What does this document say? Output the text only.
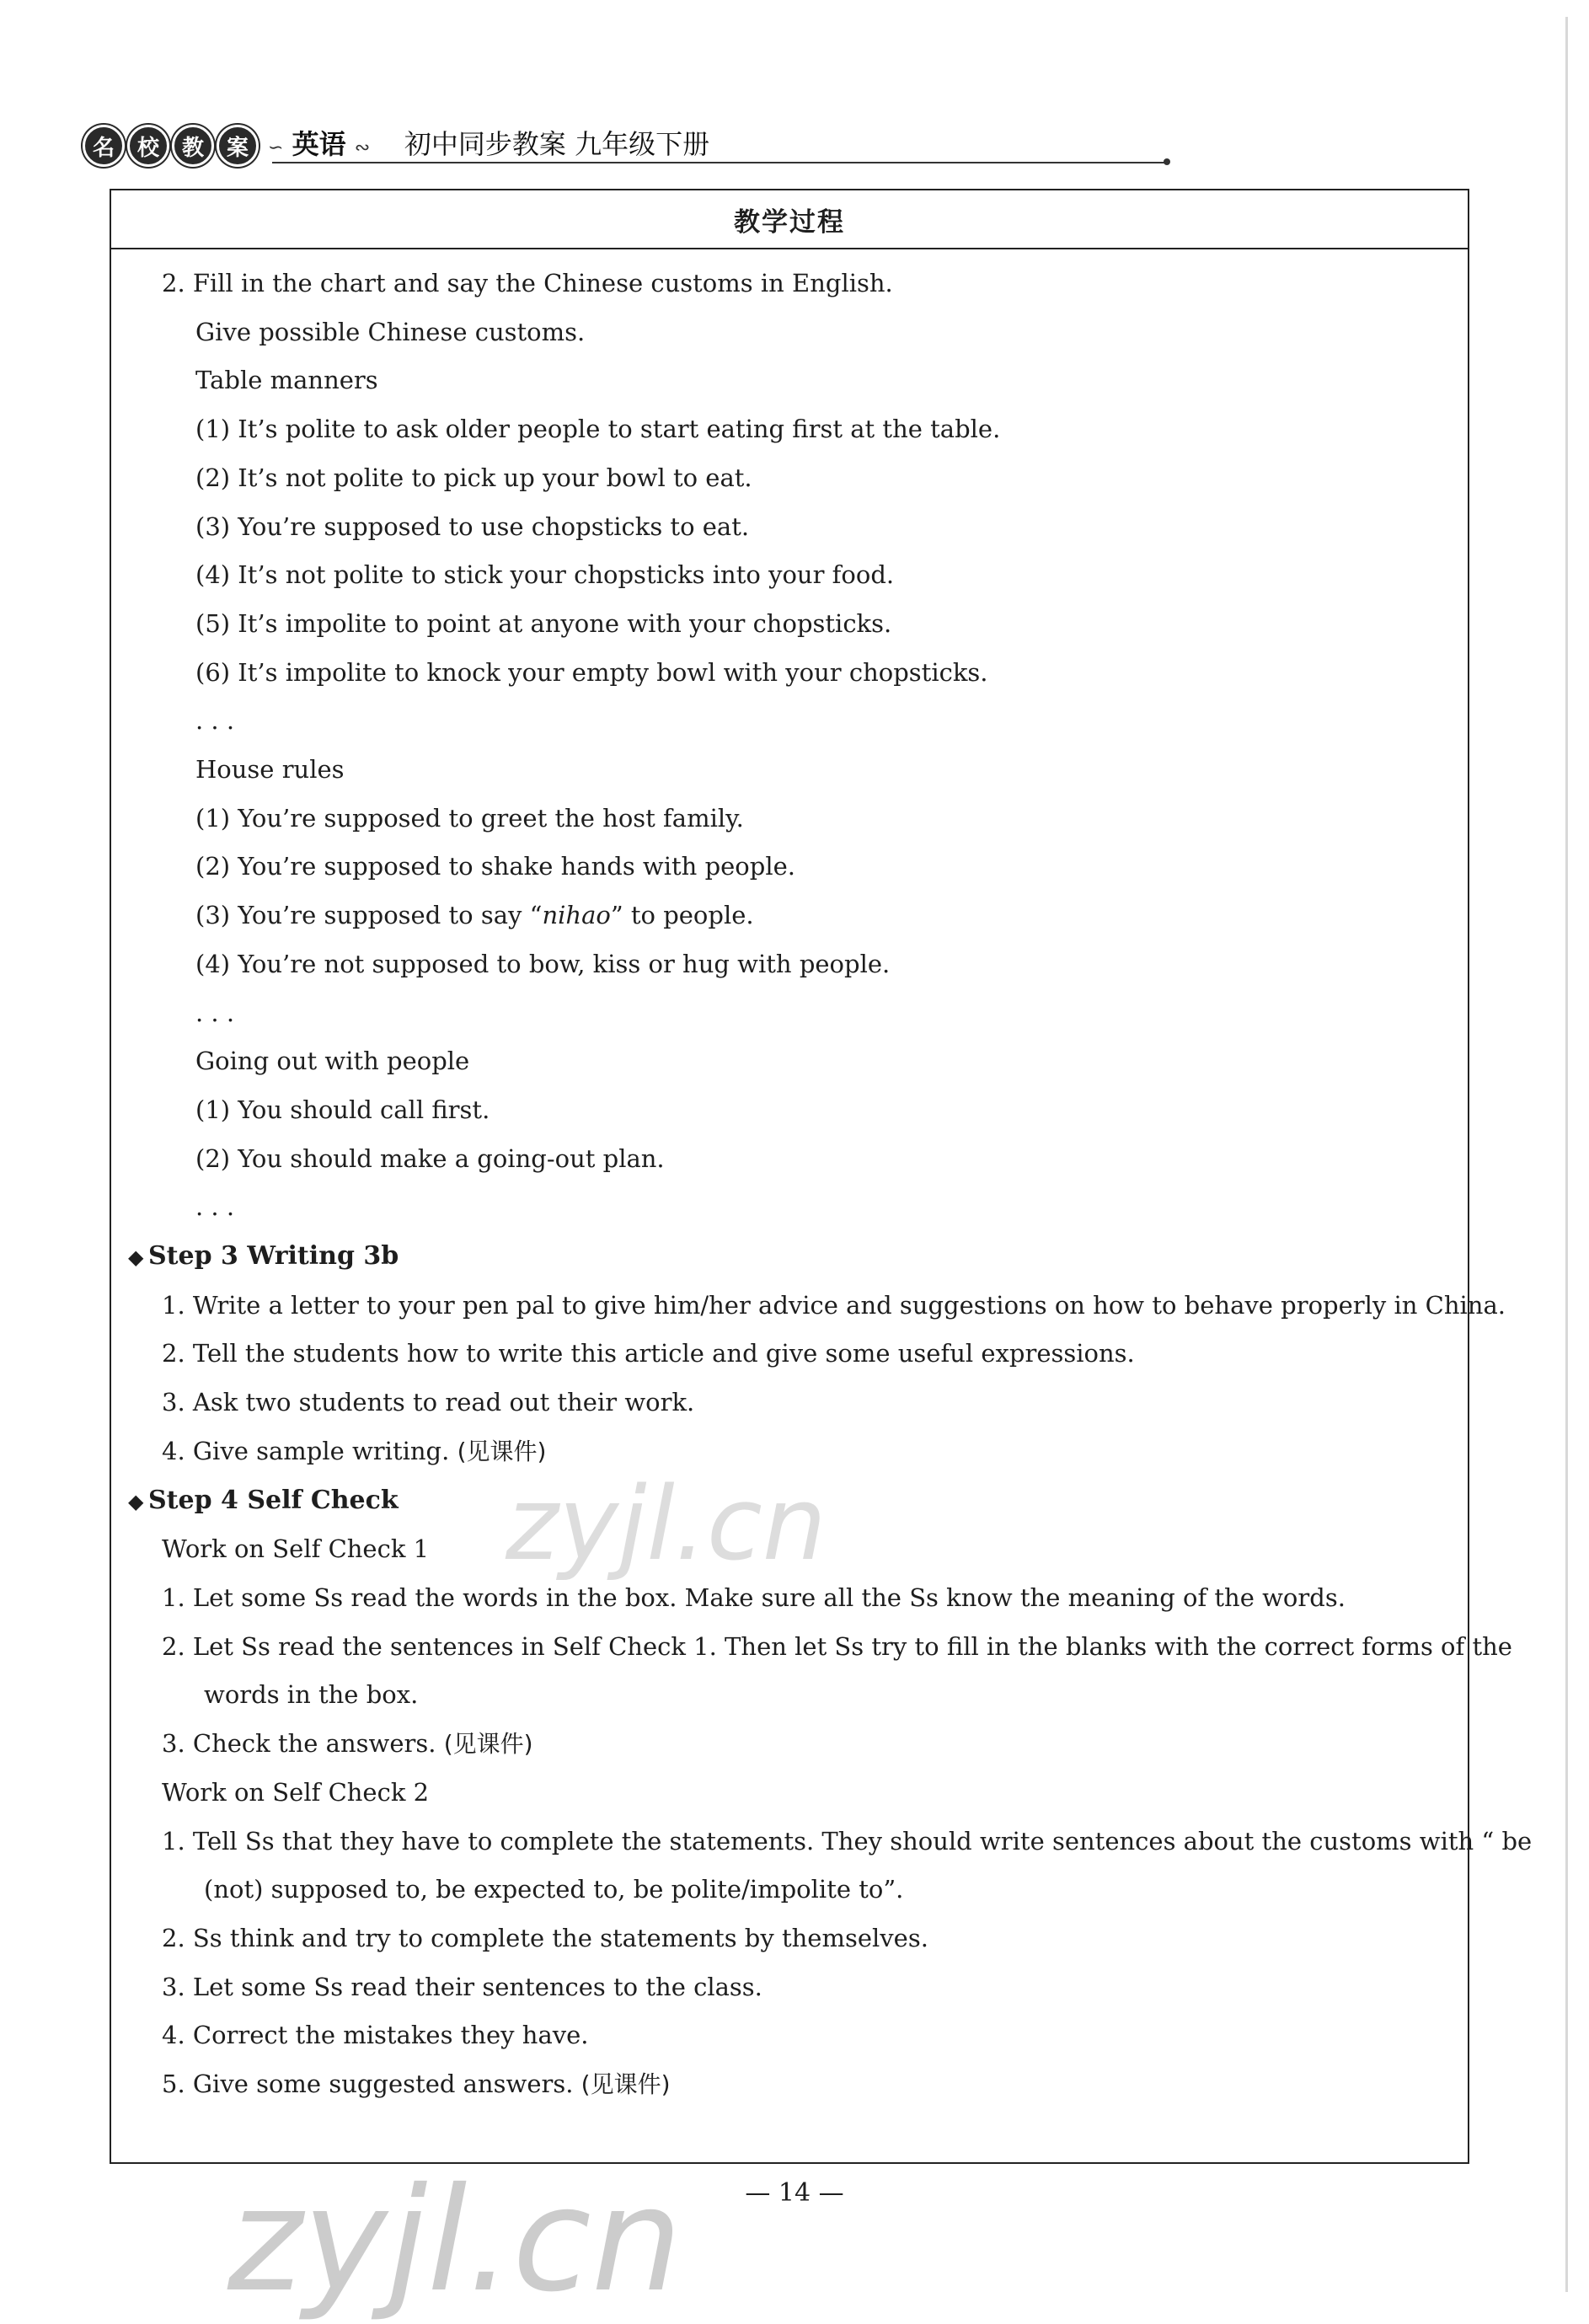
名	校	教	案	∽ 英语 ∾ 初中同步教案 九年级下册
教学过程
2. Fill in the chart and say the Chinese customs in English.
Give possible Chinese customs.
Table manners
(1) It’s polite to ask older people to start eating first at the table.
(2) It’s not polite to pick up your bowl to eat.
(3) You’re supposed to use chopsticks to eat.
(4) It’s not polite to stick your chopsticks into your food.
(5) It’s impolite to point at anyone with your chopsticks.
(6) It’s impolite to knock your empty bowl with your chopsticks.
. . .
House rules
(1) You’re supposed to greet the host family.
(2) You’re supposed to shake hands with people.
(3) You’re supposed to say “nihao” to people.
(4) You’re not supposed to bow, kiss or hug with people.
. . .
Going out with people
(1) You should call first.
(2) You should make a going-out plan.
. . .
◆ Step 3 Writing 3b
1. Write a letter to your pen pal to give him/her advice and suggestions on how to behave properly in China.
2. Tell the students how to write this article and give some useful expressions.
3. Ask two students to read out their work.
4. Give sample writing. (见课件)
◆ Step 4 Self Check
Work on Self Check 1
1. Let some Ss read the words in the box. Make sure all the Ss know the meaning of the words.
2. Let Ss read the sentences in Self Check 1. Then let Ss try to fill in the blanks with the correct forms of the
words in the box.
3. Check the answers. (见课件)
Work on Self Check 2
1. Tell Ss that they have to complete the statements. They should write sentences about the customs with “ be
(not) supposed to, be expected to, be polite/impolite to”.
2. Ss think and try to complete the statements by themselves.
3. Let some Ss read their sentences to the class.
4. Correct the mistakes they have.
5. Give some suggested answers. (见课件)
— 14 —
zyjl.cn
zyjl.cn
